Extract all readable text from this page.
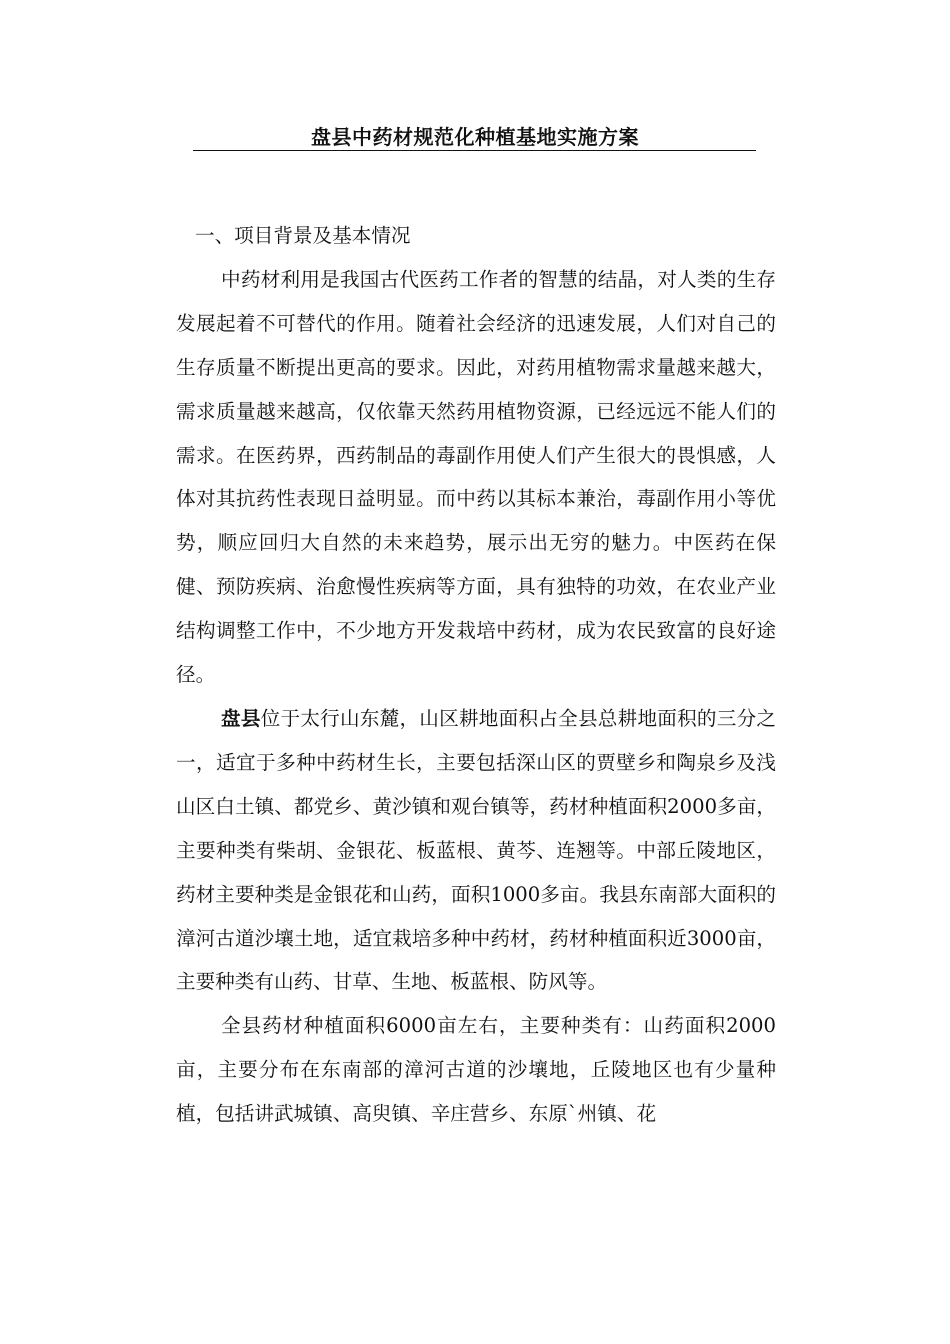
盘县中药材规范化种植基地实施方案
一、项目背景及基本情况

中药材利用是我国古代医药工作者的智慧的结晶，对人类的生存发展起着不可替代的作用。随着社会经济的迅速发展，人们对自己的生存质量不断提出更高的要求。因此，对药用植物需求量越来越大，需求质量越来越高，仅依靠天然药用植物资源，已经远远不能人们的需求。在医药界，西药制品的毒副作用使人们产生很大的畏惧感，人体对其抗药性表现日益明显。而中药以其标本兼治，毒副作用小等优势，顺应回归大自然的未来趋势，展示出无穷的魅力。中医药在保健、预防疾病、治愈慢性疾病等方面，具有独特的功效，在农业产业结构调整工作中，不少地方开发栽培中药材，成为农民致富的良好途径。

盘县位于太行山东麓，山区耕地面积占全县总耕地面积的三分之一，适宜于多种中药材生长，主要包括深山区的贾壁乡和陶泉乡及浅山区白土镇、都党乡、黄沙镇和观台镇等，药材种植面积2000多亩，主要种类有柴胡、金银花、板蓝根、黄芩、连翘等。中部丘陵地区，药材主要种类是金银花和山药，面积1000多亩。我县东南部大面积的漳河古道沙壤土地，适宜栽培多种中药材，药材种植面积近3000亩，主要种类有山药、甘草、生地、板蓝根、防风等。

全县药材种植面积6000亩左右，主要种类有：山药面积2000亩，主要分布在东南部的漳河古道的沙壤地，丘陵地区也有少量种植，包括讲武城镇、高臾镇、辛庄营乡、东原`州镇、花
